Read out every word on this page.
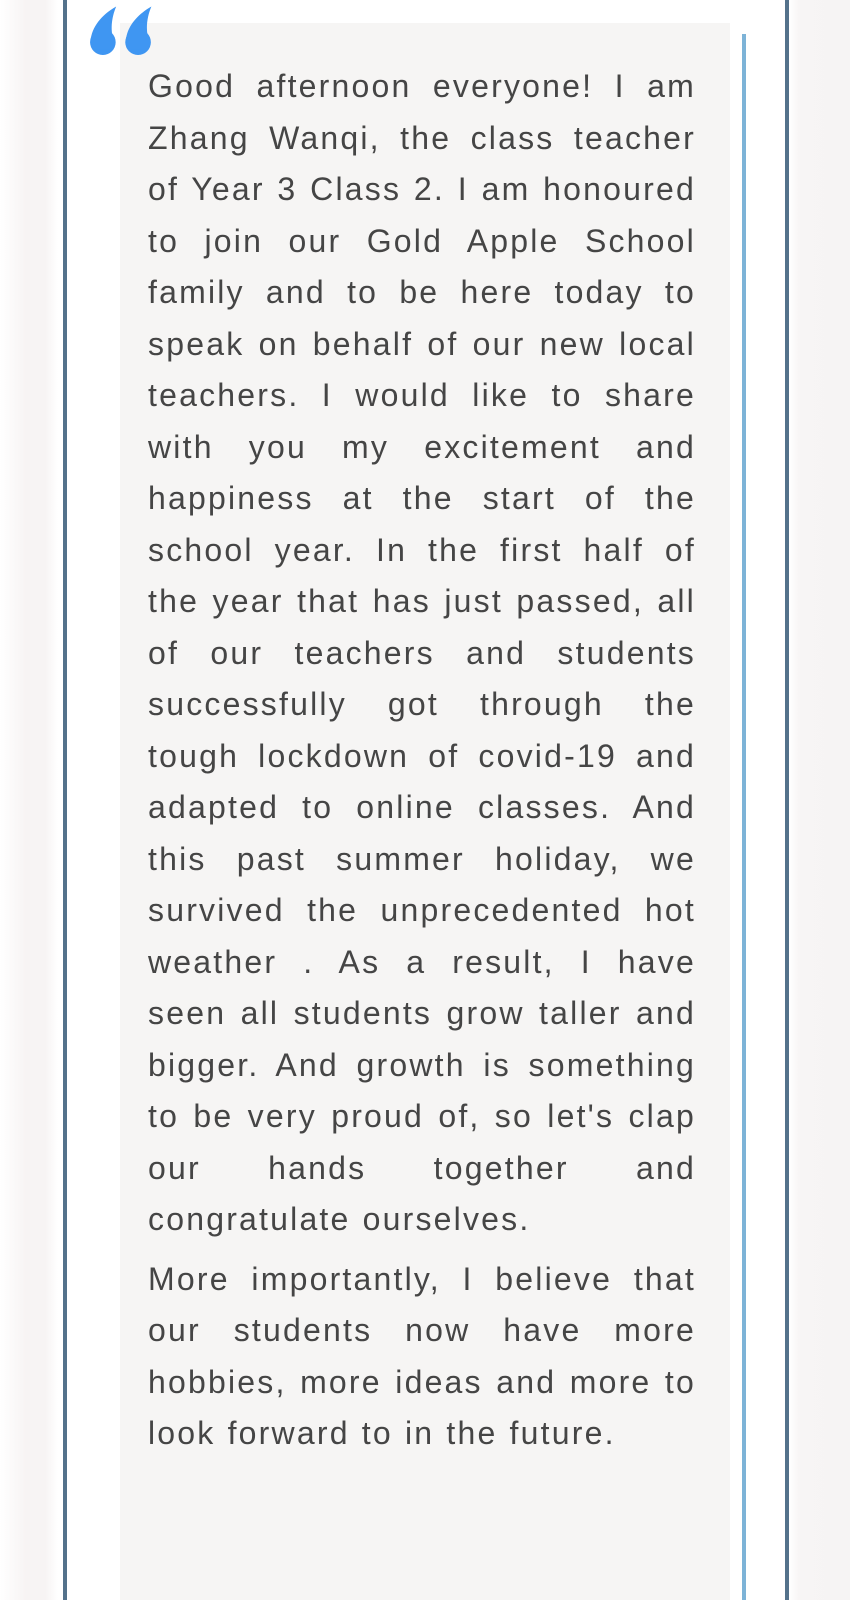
Good afternoon everyone! I am Zhang Wanqi, the class teacher of Year 3 Class 2. I am honoured to join our Gold Apple School family and to be here today to speak on behalf of our new local teachers. I would like to share with you my excitement and happiness at the start of the school year. In the first half of the year that has just passed, all of our teachers and students successfully got through the tough lockdown of covid-19 and adapted to online classes. And this past summer holiday, we survived the unprecedented hot weather . As a result, I have seen all students grow taller and bigger. And growth is something to be very proud of, so let's clap our hands together and congratulate ourselves.

More importantly, I believe that our students now have more hobbies, more ideas and more to look forward to in the future.
